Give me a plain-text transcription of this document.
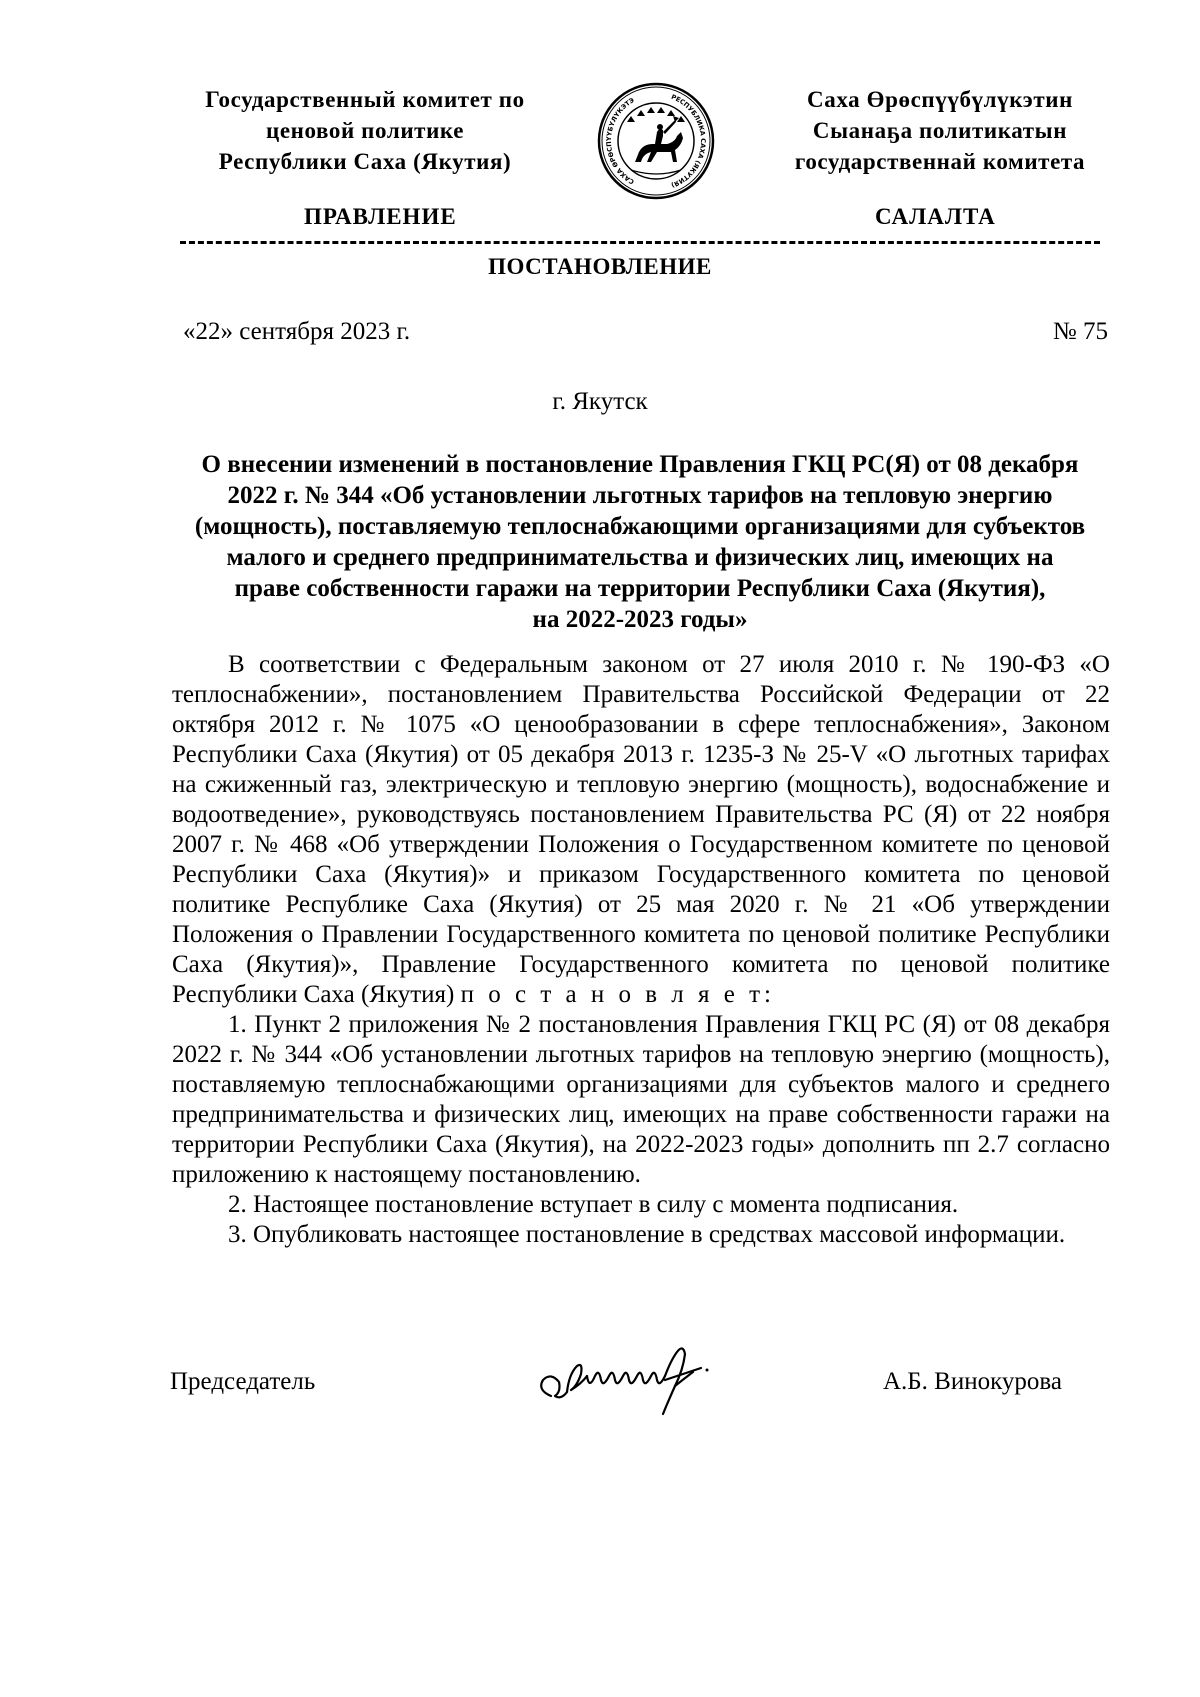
Государственный комитет по
ценовой политике
Республики Саха (Якутия)
САХА ӨРӨСПҮҮБҮЛҮКЭТЭ	РЕСПУБЛИКА САХА (ЯКУТИЯ)
Саха Өрөспүүбүлүкэтин
Сыанаҕа политикатын
государственнай комитета
ПРАВЛЕНИЕ	САЛАЛТА
ПОСТАНОВЛЕНИЕ
«22» сентября 2023 г.	№ 75
г. Якутск
О внесении изменений в постановление Правления ГКЦ РС(Я) от 08 декабря
2022 г. № 344 «Об установлении льготных тарифов на тепловую энергию
(мощность), поставляемую теплоснабжающими организациями для субъектов
малого и среднего предпринимательства и физических лиц, имеющих на
праве собственности гаражи на территории Республики Саха (Якутия),
на 2022-2023 годы»

В соответствии с Федеральным законом от 27 июля 2010 г. № 190-ФЗ «О теплоснабжении», постановлением Правительства Российской Федерации от 22 октября 2012 г. № 1075 «О ценообразовании в сфере теплоснабжения», Законом Республики Саха (Якутия) от 05 декабря 2013 г. 1235-З № 25-V «О льготных тарифах на сжиженный газ, электрическую и тепловую энергию (мощность), водоснабжение и водоотведение», руководствуясь постановлением Правительства РС (Я) от 22 ноября 2007 г. № 468 «Об утверждении Положения о Государственном комитете по ценовой Республики Саха (Якутия)» и приказом Государственного комитета по ценовой политике Республике Саха (Якутия) от 25 мая 2020 г. № 21 «Об утверждении Положения о Правлении Государственного комитета по ценовой политике Республики Саха (Якутия)», Правление Государственного комитета по ценовой политике Республики Саха (Якутия) п о с т а н о в л я е т:

1. Пункт 2 приложения № 2 постановления Правления ГКЦ РС (Я) от 08 декабря 2022 г. № 344 «Об установлении льготных тарифов на тепловую энергию (мощность), поставляемую теплоснабжающими организациями для субъектов малого и среднего предпринимательства и физических лиц, имеющих на праве собственности гаражи на территории Республики Саха (Якутия), на 2022-2023 годы» дополнить пп 2.7 согласно приложению к настоящему постановлению.

2. Настоящее постановление вступает в силу с момента подписания.

3. Опубликовать настоящее постановление в средствах массовой информации.

Председатель	А.Б. Винокурова
